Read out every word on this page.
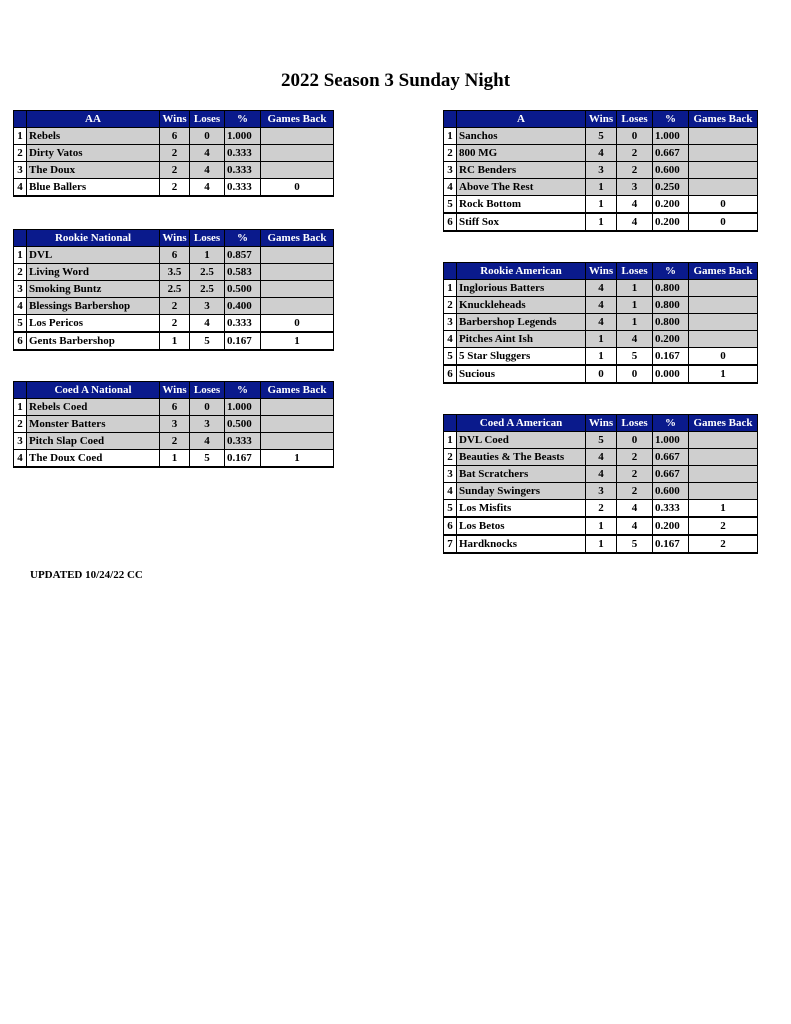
2022 Season 3 Sunday Night
	AA	Wins	Loses	%	Games Back
1	Rebels	6	0	1.000	
2	Dirty Vatos	2	4	0.333	
3	The Doux	2	4	0.333	
4	Blue Ballers	2	4	0.333	0
	A	Wins	Loses	%	Games Back
1	Sanchos	5	0	1.000	
2	800 MG	4	2	0.667	
3	RC Benders	3	2	0.600	
4	Above The Rest	1	3	0.250	
5	Rock Bottom	1	4	0.200	0
6	Stiff Sox	1	4	0.200	0
	Rookie National	Wins	Loses	%	Games Back
1	DVL	6	1	0.857	
2	Living Word	3.5	2.5	0.583	
3	Smoking Buntz	2.5	2.5	0.500	
4	Blessings Barbershop	2	3	0.400	
5	Los Pericos	2	4	0.333	0
6	Gents Barbershop	1	5	0.167	1
	Rookie American	Wins	Loses	%	Games Back
1	Inglorious Batters	4	1	0.800	
2	Knuckleheads	4	1	0.800	
3	Barbershop Legends	4	1	0.800	
4	Pitches Aint Ish	1	4	0.200	
5	5 Star Sluggers	1	5	0.167	0
6	Sucious	0	0	0.000	1
	Coed A National	Wins	Loses	%	Games Back
1	Rebels Coed	6	0	1.000	
2	Monster Batters	3	3	0.500	
3	Pitch Slap Coed	2	4	0.333	
4	The Doux Coed	1	5	0.167	1
	Coed A American	Wins	Loses	%	Games Back
1	DVL Coed	5	0	1.000	
2	Beauties & The Beasts	4	2	0.667	
3	Bat Scratchers	4	2	0.667	
4	Sunday Swingers	3	2	0.600	
5	Los Misfits	2	4	0.333	1
6	Los Betos	1	4	0.200	2
7	Hardknocks	1	5	0.167	2
UPDATED 10/24/22 CC
